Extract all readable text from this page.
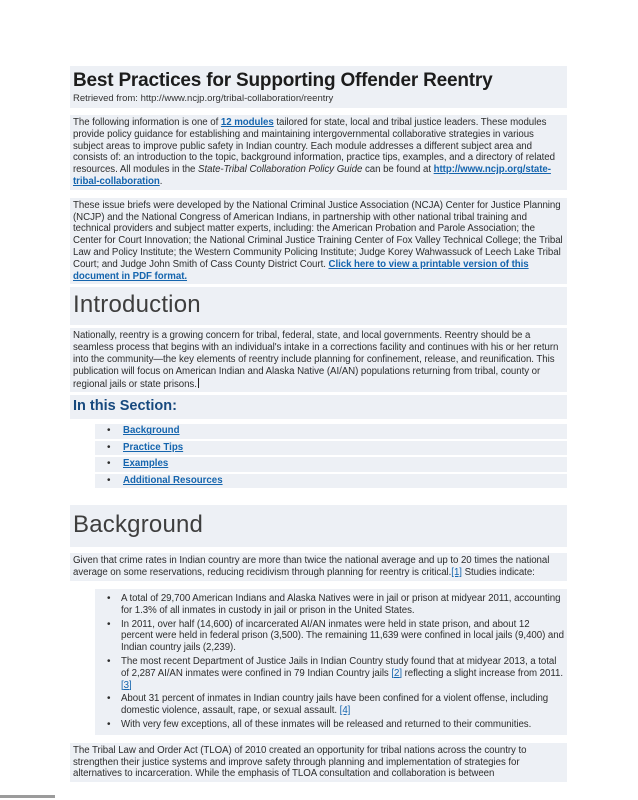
Best Practices for Supporting Offender Reentry
Retrieved from: http://www.ncjp.org/tribal-collaboration/reentry
The following information is one of 12 modules tailored for state, local and tribal justice leaders. These modules provide policy guidance for establishing and maintaining intergovernmental collaborative strategies in various subject areas to improve public safety in Indian country. Each module addresses a different subject area and consists of: an introduction to the topic, background information, practice tips, examples, and a directory of related resources. All modules in the State-Tribal Collaboration Policy Guide can be found at http://www.ncjp.org/state-tribal-collaboration.
These issue briefs were developed by the National Criminal Justice Association (NCJA) Center for Justice Planning (NCJP) and the National Congress of American Indians, in partnership with other national tribal training and technical providers and subject matter experts, including: the American Probation and Parole Association; the Center for Court Innovation; the National Criminal Justice Training Center of Fox Valley Technical College; the Tribal Law and Policy Institute; the Western Community Policing Institute; Judge Korey Wahwassuck of Leech Lake Tribal Court; and Judge John Smith of Cass County District Court. Click here to view a printable version of this document in PDF format.
Introduction
Nationally, reentry is a growing concern for tribal, federal, state, and local governments. Reentry should be a seamless process that begins with an individual's intake in a corrections facility and continues with his or her return into the community—the key elements of reentry include planning for confinement, release, and reunification. This publication will focus on American Indian and Alaska Native (AI/AN) populations returning from tribal, county or regional jails or state prisons.
In this Section:
• Background
• Practice Tips
• Examples
• Additional Resources
Background
Given that crime rates in Indian country are more than twice the national average and up to 20 times the national average on some reservations, reducing recidivism through planning for reentry is critical.[1] Studies indicate:
• A total of 29,700 American Indians and Alaska Natives were in jail or prison at midyear 2011, accounting for 1.3% of all inmates in custody in jail or prison in the United States.
• In 2011, over half (14,600) of incarcerated AI/AN inmates were held in state prison, and about 12 percent were held in federal prison (3,500). The remaining 11,639 were confined in local jails (9,400) and Indian country jails (2,239).
• The most recent Department of Justice Jails in Indian Country study found that at midyear 2013, a total of 2,287 AI/AN inmates were confined in 79 Indian Country jails [2] reflecting a slight increase from 2011.[3]
• About 31 percent of inmates in Indian country jails have been confined for a violent offense, including domestic violence, assault, rape, or sexual assault. [4]
• With very few exceptions, all of these inmates will be released and returned to their communities.
The Tribal Law and Order Act (TLOA) of 2010 created an opportunity for tribal nations across the country to strengthen their justice systems and improve safety through planning and implementation of strategies for alternatives to incarceration. While the emphasis of TLOA consultation and collaboration is between
